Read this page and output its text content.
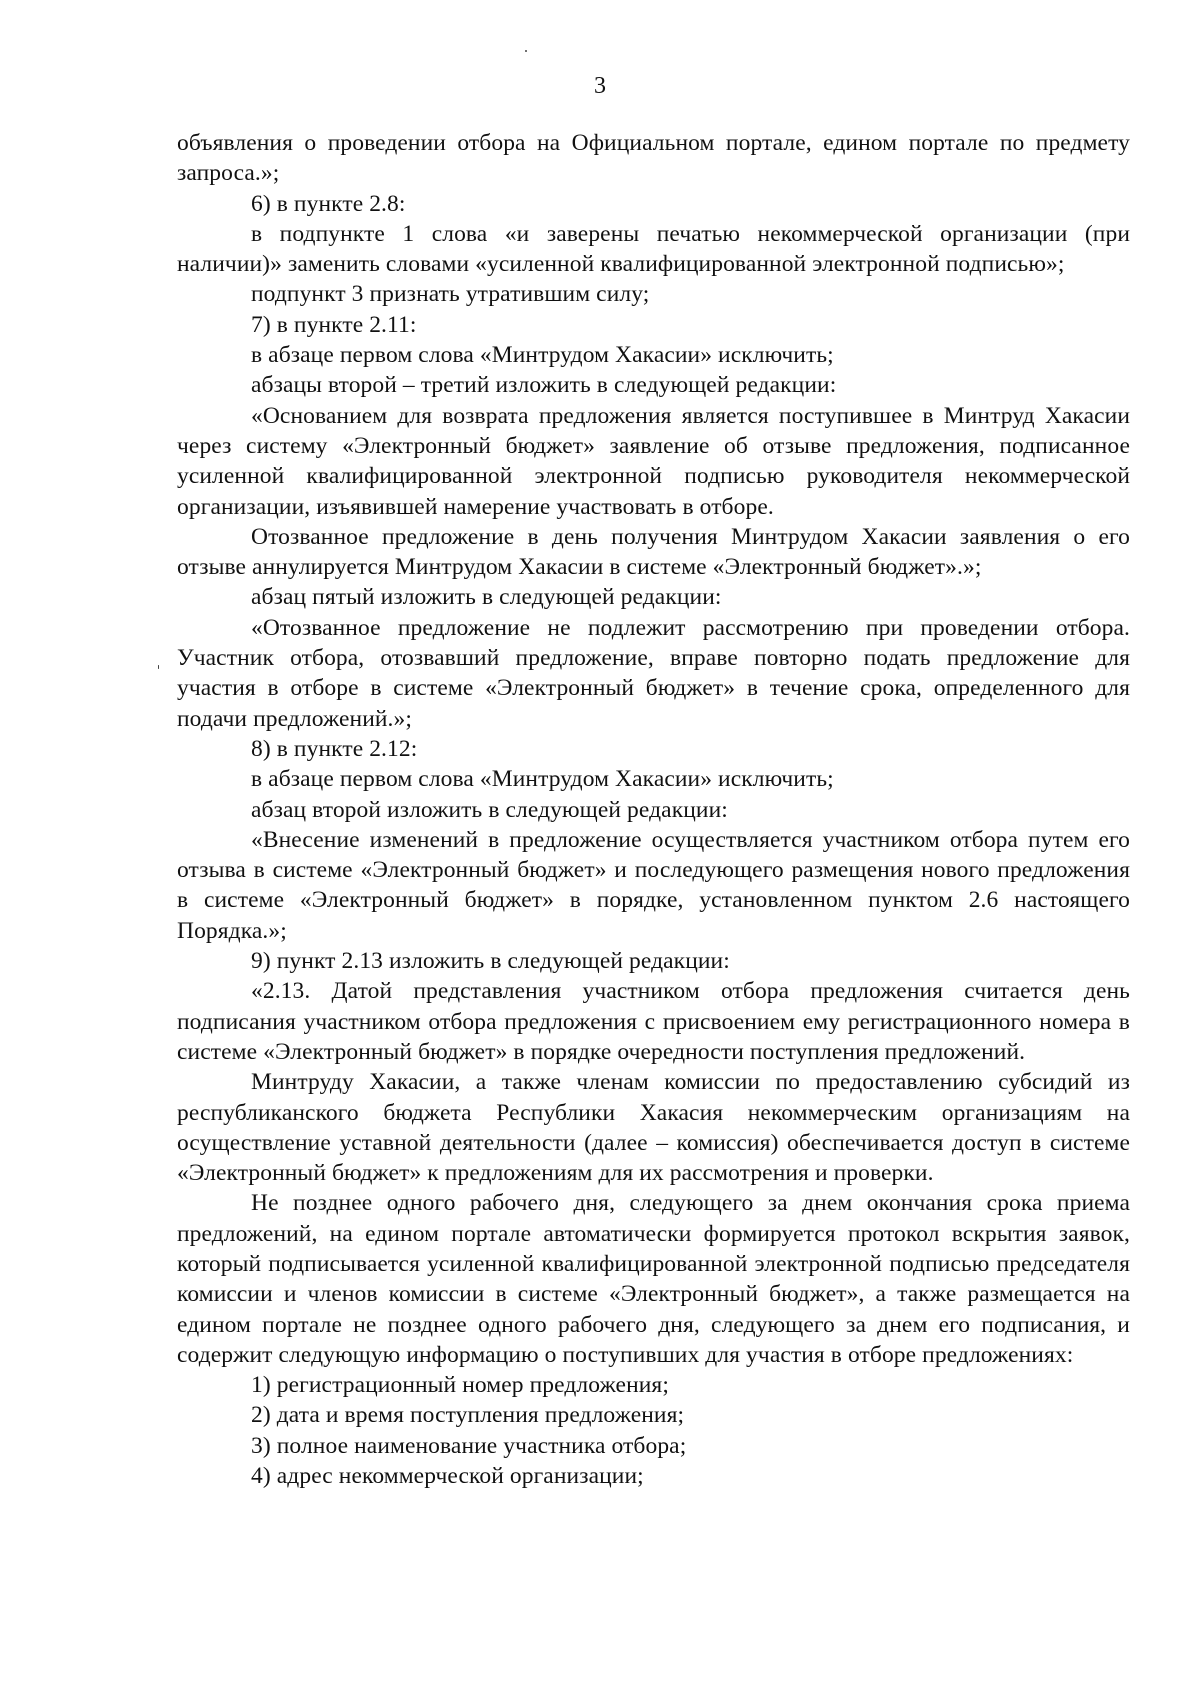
3

объявления о проведении отбора на Официальном портале, едином портале по предмету запроса.»;

6) в пункте 2.8:

в подпункте 1 слова «и заверены печатью некоммерческой организации (при наличии)» заменить словами «усиленной квалифицированной электронной подписью»;

подпункт 3 признать утратившим силу;

7) в пункте 2.11:

в абзаце первом слова «Минтрудом Хакасии» исключить;

абзацы второй – третий изложить в следующей редакции:

«Основанием для возврата предложения является поступившее в Минтруд Хакасии через систему «Электронный бюджет» заявление об отзыве предложения, подписанное усиленной квалифицированной электронной подписью руководителя некоммерческой организации, изъявившей намерение участвовать в отборе.

Отозванное предложение в день получения Минтрудом Хакасии заявления о его отзыве аннулируется Минтрудом Хакасии в системе «Электронный бюджет».»;

абзац пятый изложить в следующей редакции:

«Отозванное предложение не подлежит рассмотрению при проведении отбора. Участник отбора, отозвавший предложение, вправе повторно подать предложение для участия в отборе в системе «Электронный бюджет» в течение срока, определенного для подачи предложений.»;

8) в пункте 2.12:

в абзаце первом слова «Минтрудом Хакасии» исключить;

абзац второй изложить в следующей редакции:

«Внесение изменений в предложение осуществляется участником отбора путем его отзыва в системе «Электронный бюджет» и последующего размещения нового предложения в системе «Электронный бюджет» в порядке, установленном пунктом 2.6 настоящего Порядка.»;

9) пункт 2.13 изложить в следующей редакции:

«2.13. Датой представления участником отбора предложения считается день подписания участником отбора предложения с присвоением ему регистрационного номера в системе «Электронный бюджет» в порядке очередности поступления предложений.

Минтруду Хакасии, а также членам комиссии по предоставлению субсидий из республиканского бюджета Республики Хакасия некоммерческим организациям на осуществление уставной деятельности (далее – комиссия) обеспечивается доступ в системе «Электронный бюджет» к предложениям для их рассмотрения и проверки.

Не позднее одного рабочего дня, следующего за днем окончания срока приема предложений, на едином портале автоматически формируется протокол вскрытия заявок, который подписывается усиленной квалифицированной электронной подписью председателя комиссии и членов комиссии в системе «Электронный бюджет», а также размещается на едином портале не позднее одного рабочего дня, следующего за днем его подписания, и содержит следующую информацию о поступивших для участия в отборе предложениях:

1) регистрационный номер предложения;

2) дата и время поступления предложения;

3) полное наименование участника отбора;

4) адрес некоммерческой организации;
